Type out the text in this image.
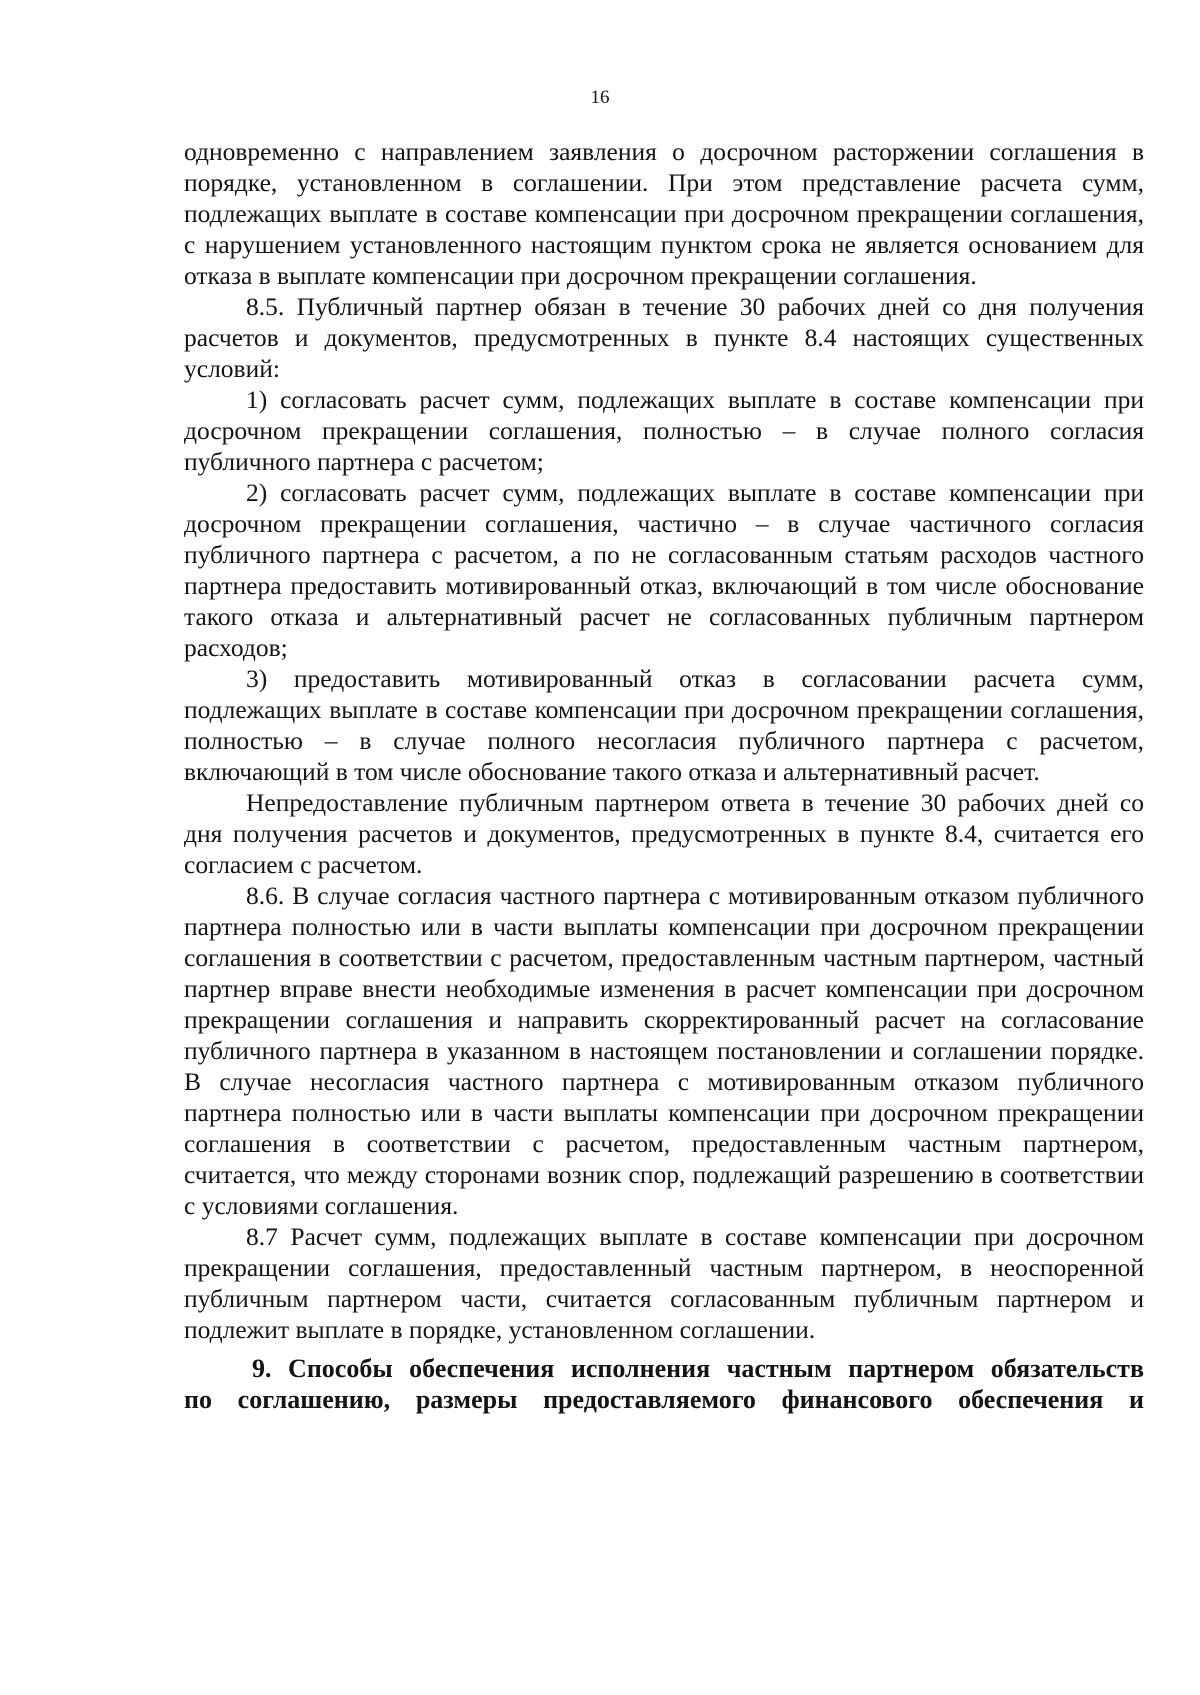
16

одновременно с направлением заявления о досрочном расторжении соглашения в порядке, установленном в соглашении. При этом представление расчета сумм, подлежащих выплате в составе компенсации при досрочном прекращении соглашения, с нарушением установленного настоящим пунктом срока не является основанием для отказа в выплате компенсации при досрочном прекращении соглашения.

8.5. Публичный партнер обязан в течение 30 рабочих дней со дня получения расчетов и документов, предусмотренных в пункте 8.4 настоящих существенных условий:

1) согласовать расчет сумм, подлежащих выплате в составе компенсации при досрочном прекращении соглашения, полностью – в случае полного согласия публичного партнера с расчетом;

2) согласовать расчет сумм, подлежащих выплате в составе компенсации при досрочном прекращении соглашения, частично – в случае частичного согласия публичного партнера с расчетом, а по не согласованным статьям расходов частного партнера предоставить мотивированный отказ, включающий в том числе обоснование такого отказа и альтернативный расчет не согласованных публичным партнером расходов;

3) предоставить мотивированный отказ в согласовании расчета сумм, подлежащих выплате в составе компенсации при досрочном прекращении соглашения, полностью – в случае полного несогласия публичного партнера с расчетом, включающий в том числе обоснование такого отказа и альтернативный расчет.

Непредоставление публичным партнером ответа в течение 30 рабочих дней со дня получения расчетов и документов, предусмотренных в пункте 8.4, считается его согласием с расчетом.

8.6. В случае согласия частного партнера с мотивированным отказом публичного партнера полностью или в части выплаты компенсации при досрочном прекращении соглашения в соответствии с расчетом, предоставленным частным партнером, частный партнер вправе внести необходимые изменения в расчет компенсации при досрочном прекращении соглашения и направить скорректированный расчет на согласование публичного партнера в указанном в настоящем постановлении и соглашении порядке. В случае несогласия частного партнера с мотивированным отказом публичного партнера полностью или в части выплаты компенсации при досрочном прекращении соглашения в соответствии с расчетом, предоставленным частным партнером, считается, что между сторонами возник спор, подлежащий разрешению в соответствии с условиями соглашения.

8.7 Расчет сумм, подлежащих выплате в составе компенсации при досрочном прекращении соглашения, предоставленный частным партнером, в неоспоренной публичным партнером части, считается согласованным публичным партнером и подлежит выплате в порядке, установленном соглашении.

9. Способы обеспечения исполнения частным партнером обязательств
по соглашению, размеры предоставляемого финансового обеспечения и
